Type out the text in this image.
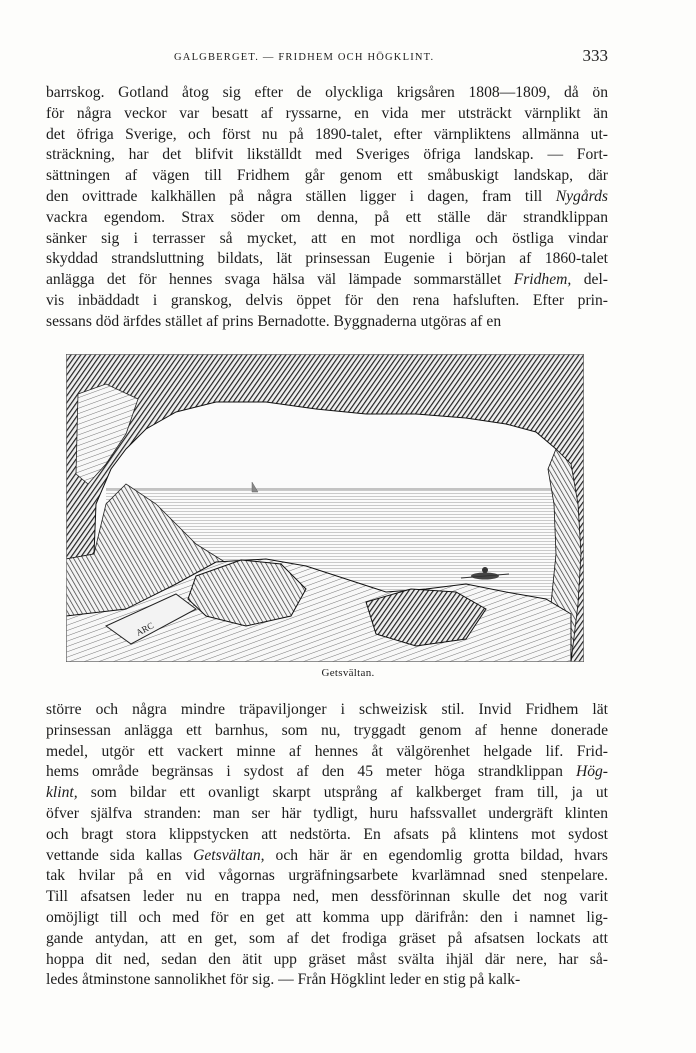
GALGBERGET. — FRIDHEM OCH HÖGKLINT.	333
barrskog. Gotland åtog sig efter de olyckliga krigsåren 1808—1809, då ön
för några veckor var besatt af ryssarne, en vida mer utsträckt värnplikt än
det öfriga Sverige, och först nu på 1890-talet, efter värnpliktens allmänna ut-
sträckning, har det blifvit likställdt med Sveriges öfriga landskap. — Fort-
sättningen af vägen till Fridhem går genom ett småbuskigt landskap, där
den ovittrade kalkhällen på några ställen ligger i dagen, fram till Nygårds
vackra egendom. Strax söder om denna, på ett ställe där strandklippan
sänker sig i terrasser så mycket, att en mot nordliga och östliga vindar
skyddad strandsluttning bildats, lät prinsessan Eugenie i början af 1860-talet
anlägga det för hennes svaga hälsa väl lämpade sommarstället Fridhem, del-
vis inbäddadt i granskog, delvis öppet för den rena hafsluften. Efter prin-
sessans död ärfdes stället af prins Bernadotte. Byggnaderna utgöras af en
ARC
Getsvältan.
större och några mindre träpaviljonger i schweizisk stil. Invid Fridhem lät
prinsessan anlägga ett barnhus, som nu, tryggadt genom af henne donerade
medel, utgör ett vackert minne af hennes åt välgörenhet helgade lif. Frid-
hems område begränsas i sydost af den 45 meter höga strandklippan Hög-
klint, som bildar ett ovanligt skarpt utsprång af kalkberget fram till, ja ut
öfver själfva stranden: man ser här tydligt, huru hafssvallet undergräft klinten
och bragt stora klippstycken att nedstörta. En afsats på klintens mot sydost
vettande sida kallas Getsvältan, och här är en egendomlig grotta bildad, hvars
tak hvilar på en vid vågornas urgräfningsarbete kvarlämnad sned stenpelare.
Till afsatsen leder nu en trappa ned, men dessförinnan skulle det nog varit
omöjligt till och med för en get att komma upp därifrån: den i namnet lig-
gande antydan, att en get, som af det frodiga gräset på afsatsen lockats att
hoppa dit ned, sedan den ätit upp gräset måst svälta ihjäl där nere, har så-
ledes åtminstone sannolikhet för sig. — Från Högklint leder en stig på kalk-
